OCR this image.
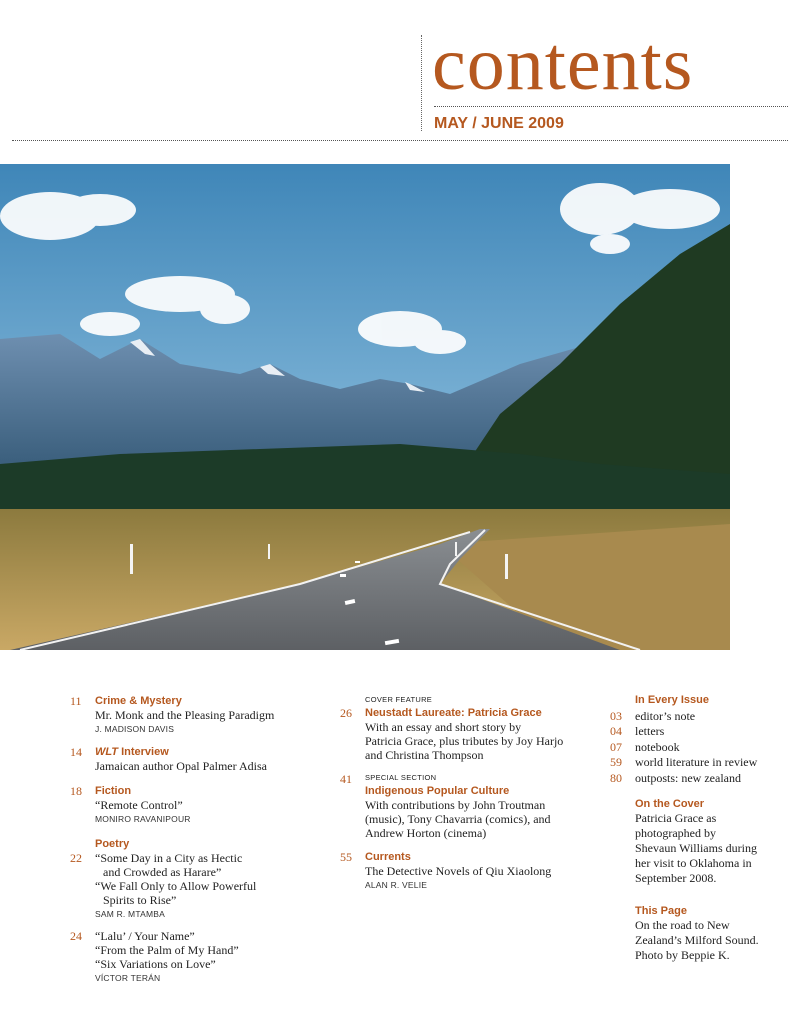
contents
MAY / JUNE 2009
11 Crime & Mystery
Mr. Monk and the Pleasing Paradigm
J. MADISON DAVIS
14 WLT Interview
Jamaican author Opal Palmer Adisa
18 Fiction
“Remote Control”
MONIRO RAVANIPOUR
Poetry
22 “Some Day in a City as Hectic
and Crowded as Harare”
“We Fall Only to Allow Powerful
Spirits to Rise”
SAM R. MTAMBA
24 “Lalu’ / Your Name”
“From the Palm of My Hand”
“Six Variations on Love”
VÍCTOR TERÁN
COVER FEATURE
26 Neustadt Laureate: Patricia Grace
With an essay and short story by
Patricia Grace, plus tributes by Joy Harjo
and Christina Thompson
41 SPECIAL SECTION
Indigenous Popular Culture
With contributions by John Troutman
(music), Tony Chavarria (comics), and
Andrew Horton (cinema)
55 Currents
The Detective Novels of Qiu Xiaolong
ALAN R. VELIE
In Every Issue
03 editor’s note
04 letters
07 notebook
59 world literature in review
80 outposts: new zealand
On the Cover
Patricia Grace as
photographed by
Shevaun Williams during
her visit to Oklahoma in
September 2008.
This Page
On the road to New
Zealand’s Milford Sound.
Photo by Beppie K.
